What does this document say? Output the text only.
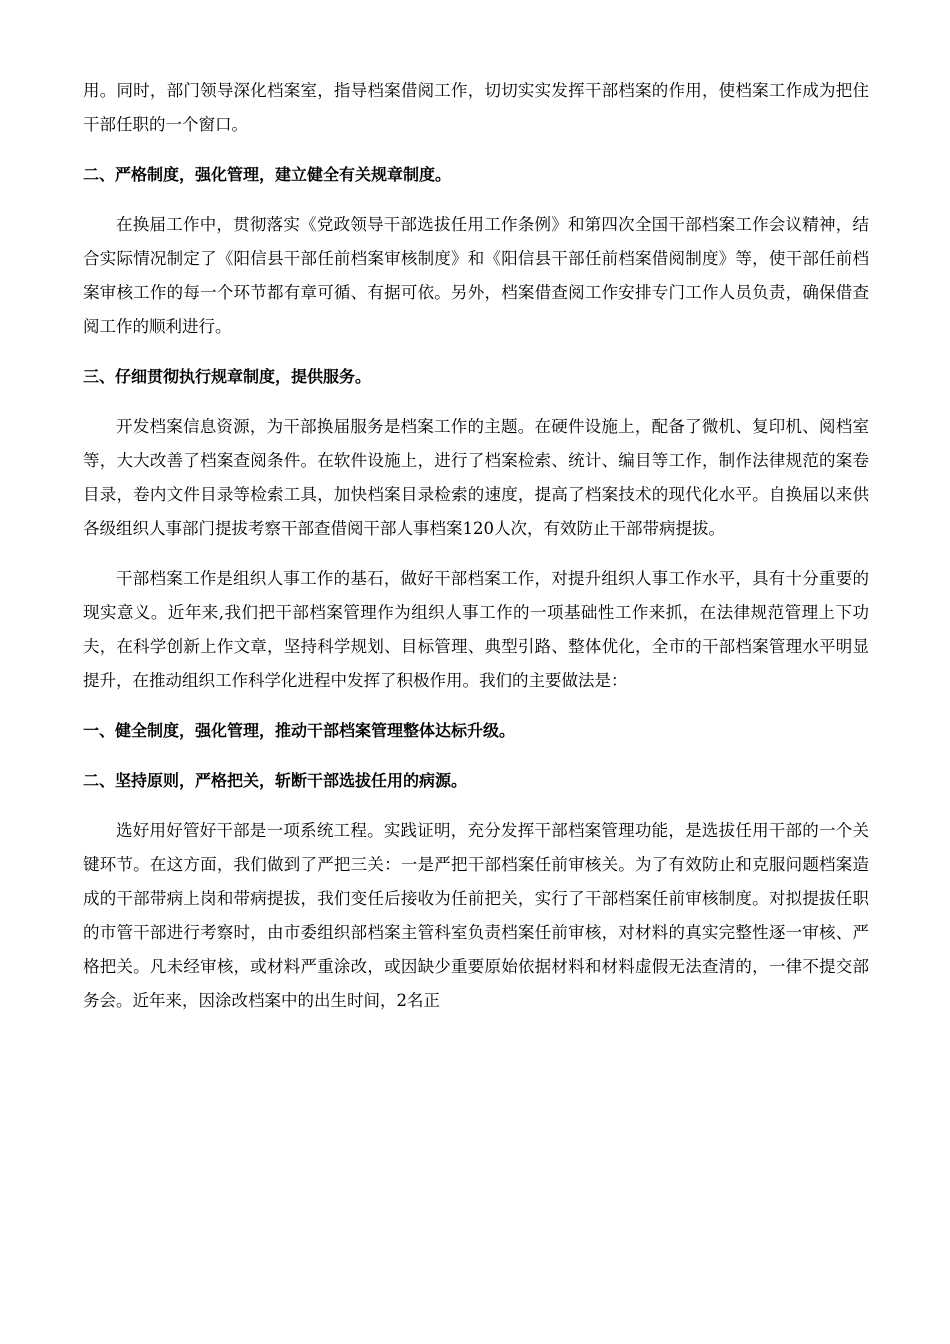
用。同时，部门领导深化档案室，指导档案借阅工作，切切实实发挥干部档案的作用，使档案工作成为把住干部任职的一个窗口。

二、严格制度，强化管理，建立健全有关规章制度。

在换届工作中，贯彻落实《党政领导干部选拔任用工作条例》和第四次全国干部档案工作会议精神，结合实际情况制定了《阳信县干部任前档案审核制度》和《阳信县干部任前档案借阅制度》等，使干部任前档案审核工作的每一个环节都有章可循、有据可依。另外，档案借查阅工作安排专门工作人员负责，确保借查阅工作的顺利进行。

三、仔细贯彻执行规章制度，提供服务。

开发档案信息资源，为干部换届服务是档案工作的主题。在硬件设施上，配备了微机、复印机、阅档室等，大大改善了档案查阅条件。在软件设施上，进行了档案检索、统计、编目等工作，制作法律规范的案卷目录，卷内文件目录等检索工具，加快档案目录检索的速度，提高了档案技术的现代化水平。自换届以来供各级组织人事部门提拔考察干部查借阅干部人事档案120人次，有效防止干部带病提拔。

干部档案工作是组织人事工作的基石，做好干部档案工作，对提升组织人事工作水平，具有十分重要的现实意义。近年来,我们把干部档案管理作为组织人事工作的一项基础性工作来抓，在法律规范管理上下功夫，在科学创新上作文章，坚持科学规划、目标管理、典型引路、整体优化，全市的干部档案管理水平明显提升，在推动组织工作科学化进程中发挥了积极作用。我们的主要做法是：

一、健全制度，强化管理，推动干部档案管理整体达标升级。

二、坚持原则，严格把关，斩断干部选拔任用的病源。

选好用好管好干部是一项系统工程。实践证明，充分发挥干部档案管理功能，是选拔任用干部的一个关键环节。在这方面，我们做到了严把三关：一是严把干部档案任前审核关。为了有效防止和克服问题档案造成的干部带病上岗和带病提拔，我们变任后接收为任前把关，实行了干部档案任前审核制度。对拟提拔任职的市管干部进行考察时，由市委组织部档案主管科室负责档案任前审核，对材料的真实完整性逐一审核、严格把关。凡未经审核，或材料严重涂改，或因缺少重要原始依据材料和材料虚假无法查清的，一律不提交部务会。近年来，因涂改档案中的出生时间，2名正
